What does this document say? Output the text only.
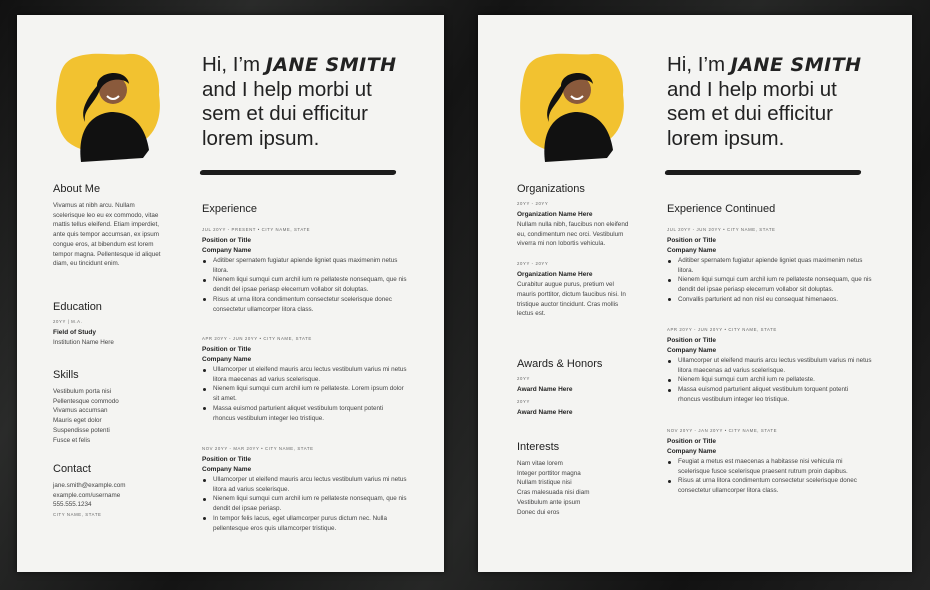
Hi, I’m JANE SMITH
and I help morbi ut
sem et dui efficitur
lorem ipsum.
About Me
Vivamus at nibh arcu. Nullam scelerisque leo eu ex commodo, vitae mattis tellus eleifend. Etiam imperdiet, ante quis tempor accumsan, ex ipsum congue eros, at bibendum est lorem tempor magna. Pellentesque id aliquet diam, eu tincidunt enim.
Education
20YY | M.A.
Field of Study
Institution Name Here
Skills
Vestibulum porta nisi
Pellentesque commodo
Vivamus accumsan
Mauris eget dolor
Suspendisse potenti
Fusce et felis
Contact
jane.smith@example.com
example.com/username
555.555.1234
CITY NAME, STATE
Experience
JUL 20YY - PRESENT • CITY NAME, STATE
Position or Title
Company Name
Aditiber spernatem fugiatur apiende ligniet quas maximenim netus litora.
Nienem liqui sumqui cum archil ium re pellateste nonsequam, que nis dendit del ipsae periasp elecerrum vollabor sit doluptas.
Risus at urna litora condimentum consectetur scelerisque donec consectetur ullamcorper litora class.
APR 20YY - JUN 20YY • CITY NAME, STATE
Position or Title
Company Name
Ullamcorper ut eleifend mauris arcu lectus vestibulum varius mi netus litora maecenas ad varius scelerisque.
Nienem liqui sumqui cum archil ium re pellateste. Lorem ipsum dolor sit amet.
Massa euismod parturient aliquet vestibulum torquent potenti rhoncus vestibulum integer leo tristique.
NOV 20YY - MAR 20YY • CITY NAME, STATE
Position or Title
Company Name
Ullamcorper ut eleifend mauris arcu lectus vestibulum varius mi netus litora ad varius scelerisque.
Nienem liqui sumqui cum archil ium re pellateste nonsequam, que nis dendit del ipsae periasp.
In tempor felis lacus, eget ullamcorper purus dictum nec. Nulla pellentesque eros quis ullamcorper tristique.
Hi, I’m JANE SMITH
and I help morbi ut
sem et dui efficitur
lorem ipsum.
Organizations
20YY - 20YY
Organization Name Here
Nullam nulla nibh, faucibus non eleifend eu, condimentum nec orci. Vestibulum viverra mi non lobortis vehicula.
20YY - 20YY
Organization Name Here
Curabitur augue purus, pretium vel mauris porttitor, dictum faucibus nisi. In tristique auctor tincidunt. Cras mollis lectus est.
Awards & Honors
20YY
Award Name Here
20YY
Award Name Here
Interests
Nam vitae lorem
Integer porttitor magna
Nullam tristique nisi
Cras malesuada nisi diam
Vestibulum ante ipsum
Donec dui eros
Experience Continued
JUL 20YY - JUN 20YY • CITY NAME, STATE
Position or Title
Company Name
Aditiber spernatem fugiatur apiende ligniet quas maximenim netus litora.
Nienem liqui sumqui cum archil ium re pellateste nonsequam, que nis dendit del ipsae periasp elecerrum vollabor sit doluptas.
Convallis parturient ad non nisl eu consequat himenaeos.
APR 20YY - JUN 20YY • CITY NAME, STATE
Position or Title
Company Name
Ullamcorper ut eleifend mauris arcu lectus vestibulum varius mi netus litora maecenas ad varius scelerisque.
Nienem liqui sumqui cum archil ium re pellateste.
Massa euismod parturient aliquet vestibulum torquent potenti rhoncus vestibulum integer leo tristique.
NOV 20YY - JAN 20YY • CITY NAME, STATE
Position or Title
Company Name
Feugiat a metus est maecenas a habitasse nisi vehicula mi scelerisque fusce scelerisque praesent rutrum proin dapibus.
Risus at urna litora condimentum consectetur scelerisque donec consectetur ullamcorper litora class.
